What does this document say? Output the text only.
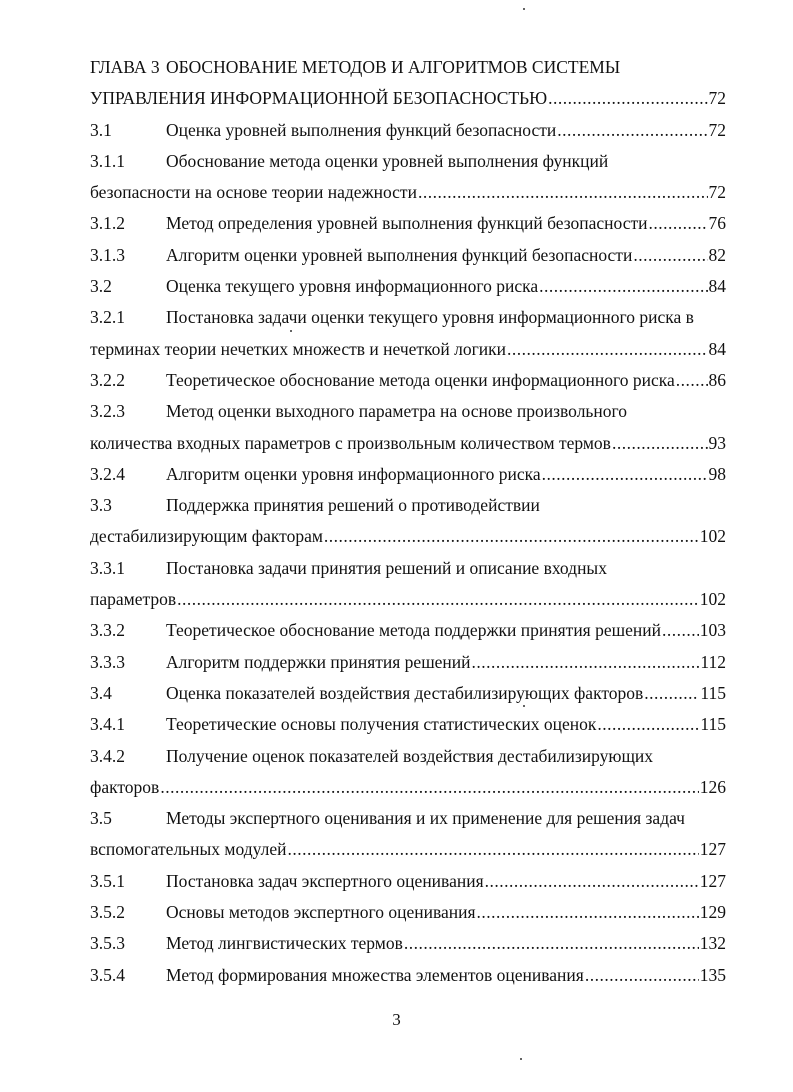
ГЛАВА 3 ОБОСНОВАНИЕ МЕТОДОВ И АЛГОРИТМОВ СИСТЕМЫ
УПРАВЛЕНИЯ ИНФОРМАЦИОННОЙ БЕЗОПАСНОСТЬЮ .....	72
3.1	Оценка уровней выполнения функций безопасности .....	72
3.1.1 Обоснование метода оценки уровней выполнения функций
безопасности на основе теории надежности .....	72
3.1.2 Метод определения уровней выполнения функций безопасности .....	76
3.1.3 Алгоритм оценки уровней выполнения функций безопасности .....	82
3.2	Оценка текущего уровня информационного риска .....	84
3.2.1 Постановка задачи оценки текущего уровня информационного риска в
терминах теории нечетких множеств и нечеткой логики .....	84
3.2.2 Теоретическое обоснование метода оценки информационного риска ..... 86
3.2.3 Метод оценки выходного параметра на основе произвольного
количества входных параметров с произвольным количеством термов .....	93
3.2.4 Алгоритм оценки уровня информационного риска .....	98
3.3	Поддержка принятия решений о противодействии
дестабилизирующим факторам .....	102
3.3.1 Постановка задачи принятия решений и описание входных
параметров .....	102
3.3.2 Теоретическое обоснование метода поддержки принятия решений ..... 103
3.3.3 Алгоритм поддержки принятия решений .....	112
3.4	Оценка показателей воздействия дестабилизирующих факторов .....	115
3.4.1 Теоретические основы получения статистических оценок .....	115
3.4.2 Получение оценок показателей воздействия дестабилизирующих
факторов .....	126
3.5	Методы экспертного оценивания и их применение для решения задач
вспомогательных модулей .....	127
3.5.1 Постановка задач экспертного оценивания .....	127
3.5.2 Основы методов экспертного оценивания .....	129
3.5.3 Метод лингвистических термов .....	132
3.5.4 Метод формирования множества элементов оценивания .....	135
3
